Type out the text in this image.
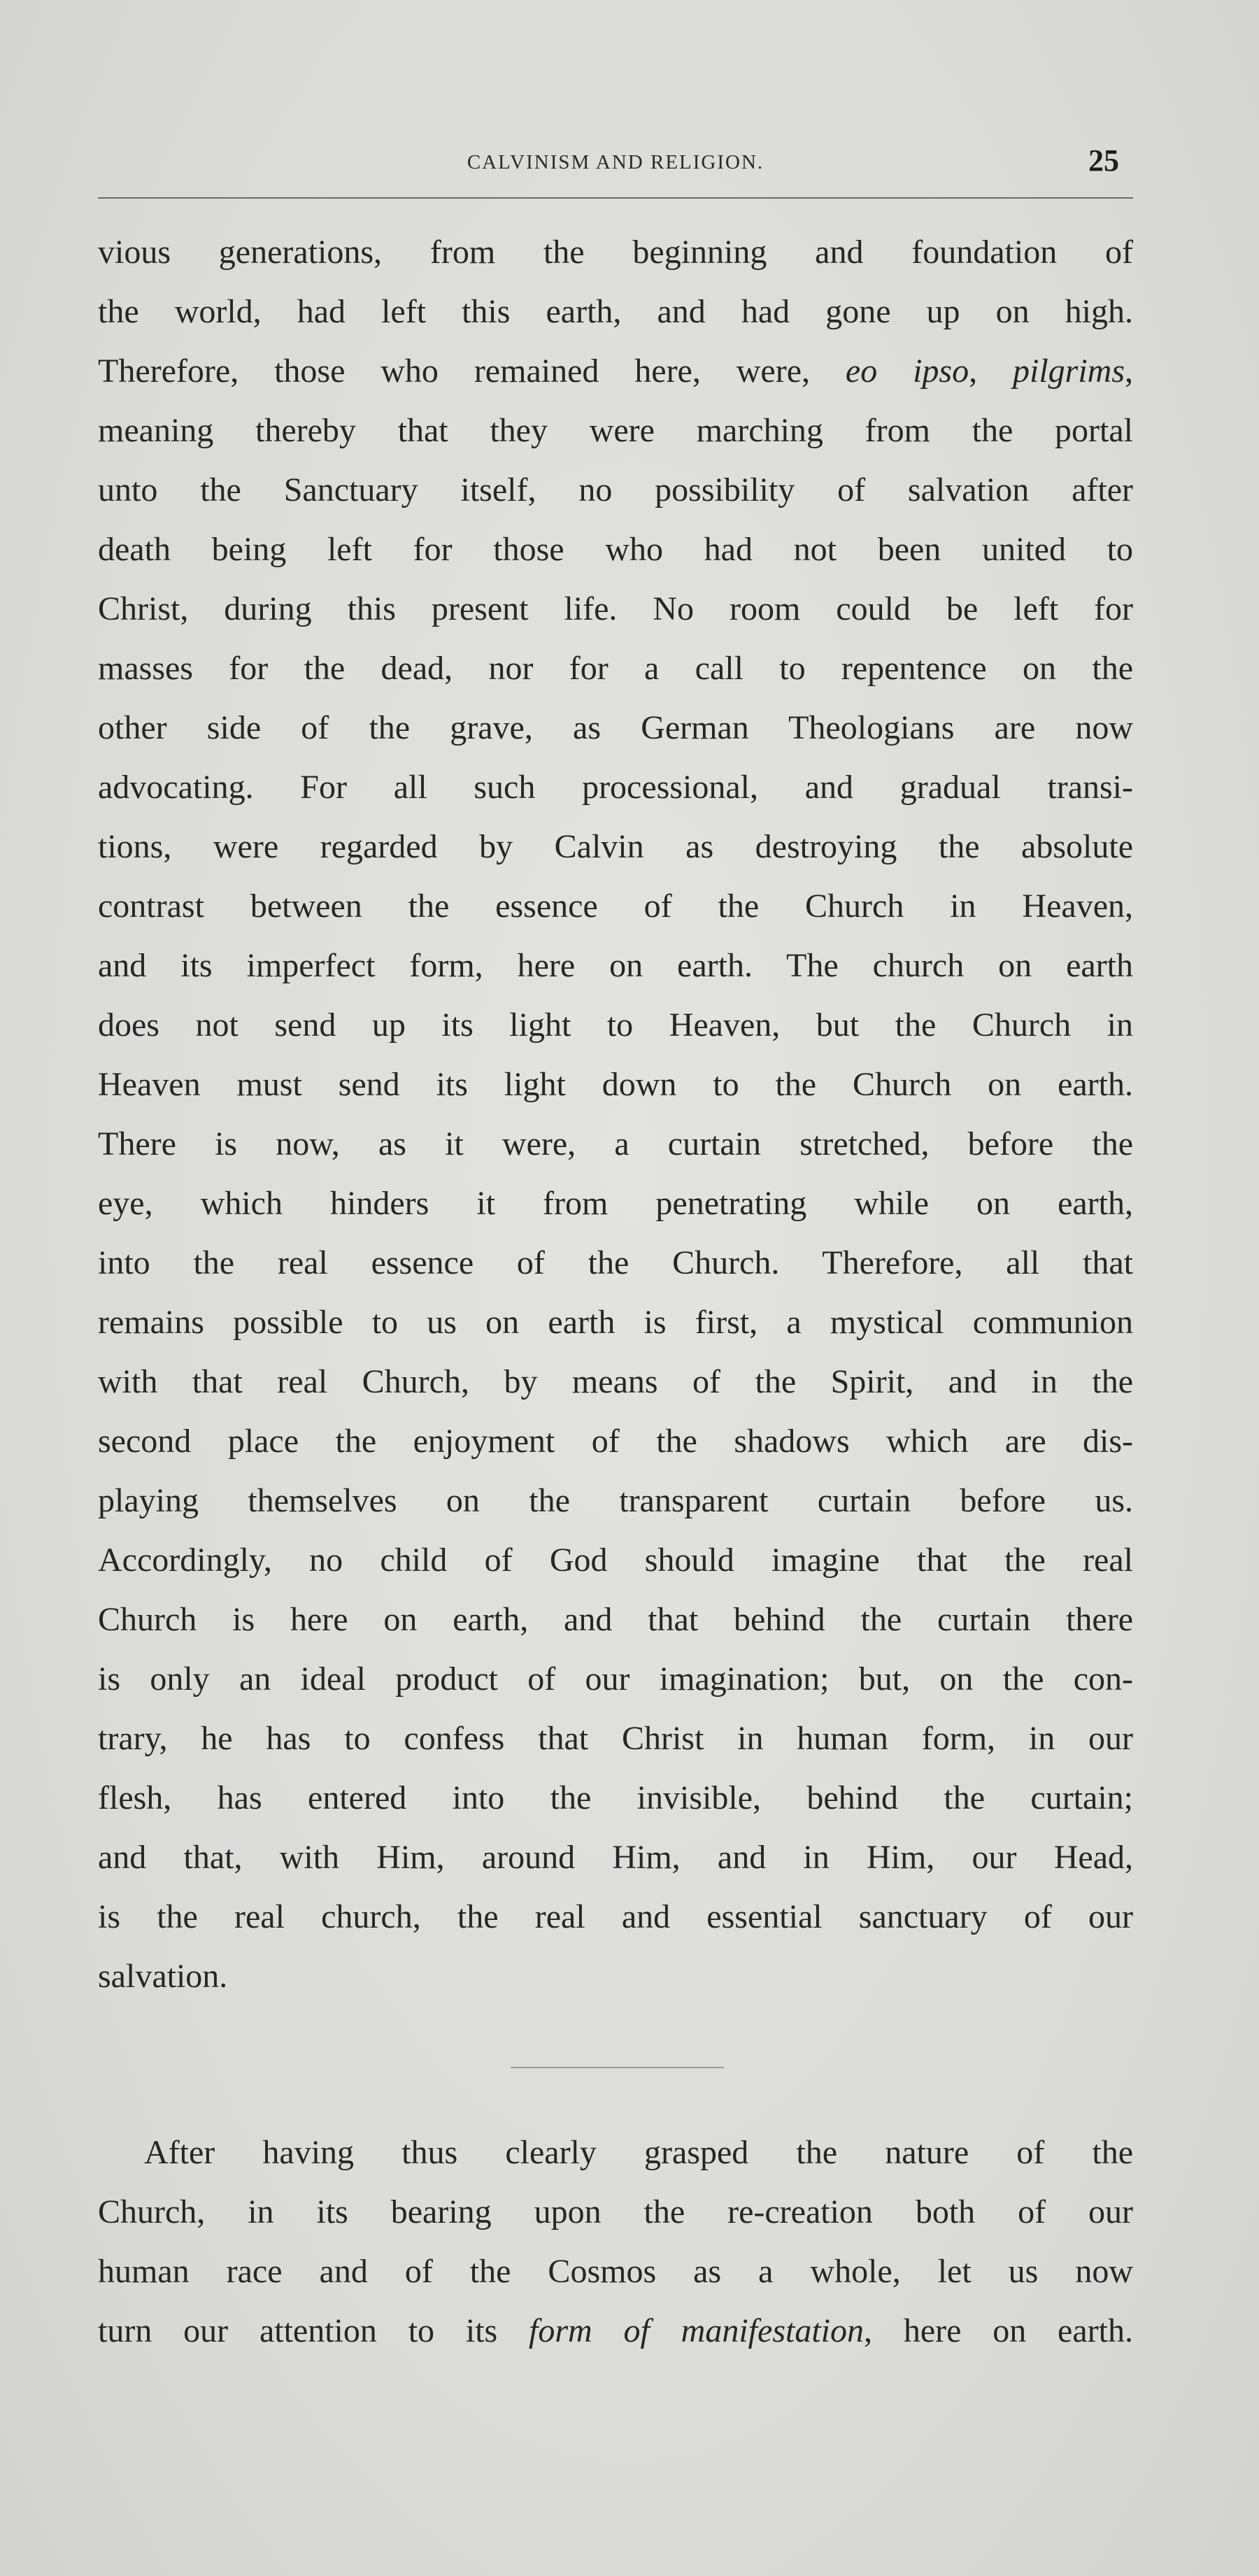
CALVINISM AND RELIGION.	25
vious generations, from the beginning and foundation of
the world, had left this earth, and had gone up on high.
Therefore, those who remained here, were, eo ipso, pilgrims,
meaning thereby that they were marching from the portal
unto the Sanctuary itself, no possibility of salvation after
death being left for those who had not been united to
Christ, during this present life. No room could be left for
masses for the dead, nor for a call to repentence on the
other side of the grave, as German Theologians are now
advocating. For all such processional, and gradual transi-
tions, were regarded by Calvin as destroying the absolute
contrast between the essence of the Church in Heaven,
and its imperfect form, here on earth. The church on earth
does not send up its light to Heaven, but the Church in
Heaven must send its light down to the Church on earth.
There is now, as it were, a curtain stretched, before the
eye, which hinders it from penetrating while on earth,
into the real essence of the Church. Therefore, all that
remains possible to us on earth is first, a mystical communion
with that real Church, by means of the Spirit, and in the
second place the enjoyment of the shadows which are dis-
playing themselves on the transparent curtain before us.
Accordingly, no child of God should imagine that the real
Church is here on earth, and that behind the curtain there
is only an ideal product of our imagination; but, on the con-
trary, he has to confess that Christ in human form, in our
flesh, has entered into the invisible, behind the curtain;
and that, with Him, around Him, and in Him, our Head,
is the real church, the real and essential sanctuary of our
salvation.
After having thus clearly grasped the nature of the
Church, in its bearing upon the re-creation both of our
human race and of the Cosmos as a whole, let us now
turn our attention to its form of manifestation, here on earth.
